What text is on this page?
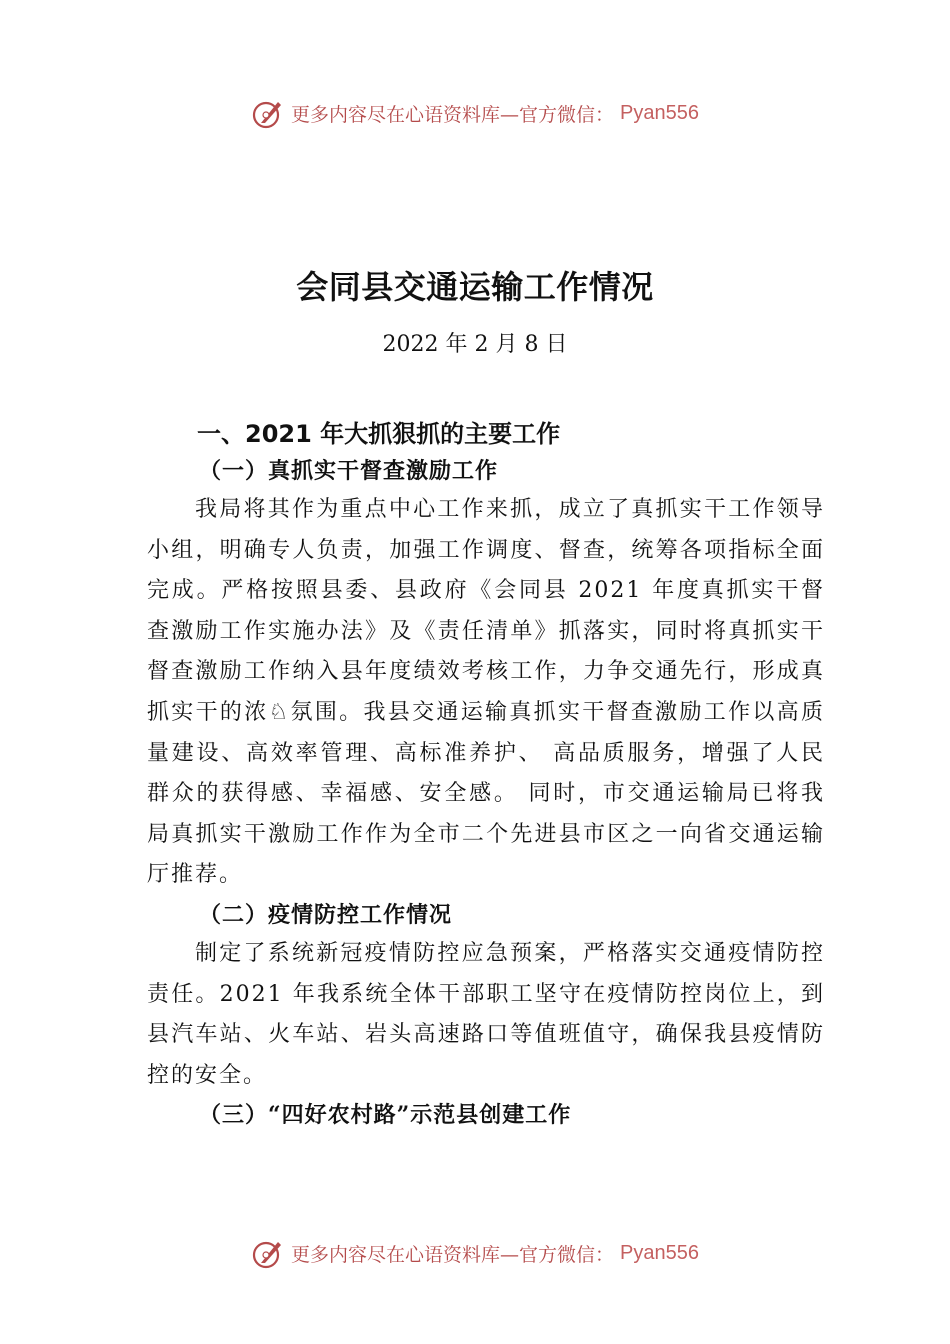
更多内容尽在心语资料库—官方微信： Pyan556
会同县交通运输工作情况

2022 年 2 月 8 日

一、2021 年大抓狠抓的主要工作

（一）真抓实干督查激励工作

我局将其作为重点中心工作来抓，成立了真抓实干工作领导小组，明确专人负责，加强工作调度、督查，统筹各项指标全面完成。严格按照县委、县政府《会同县 2021 年度真抓实干督查激励工作实施办法》及《责任清单》抓落实，同时将真抓实干督查激励工作纳入县年度绩效考核工作，力争交通先行，形成真抓实干的浓♘氛围。我县交通运输真抓实干督查激励工作以高质量建设、高效率管理、高标准养护、 高品质服务，增强了人民群众的获得感、幸福感、安全感。 同时，市交通运输局已将我局真抓实干激励工作作为全市二个先进县市区之一向省交通运输厅推荐。

（二）疫情防控工作情况

制定了系统新冠疫情防控应急预案，严格落实交通疫情防控责任。2021 年我系统全体干部职工坚守在疫情防控岗位上，到县汽车站、火车站、岩头高速路口等值班值守，确保我县疫情防控的安全。

（三）“四好农村路”示范县创建工作

更多内容尽在心语资料库—官方微信： Pyan556
